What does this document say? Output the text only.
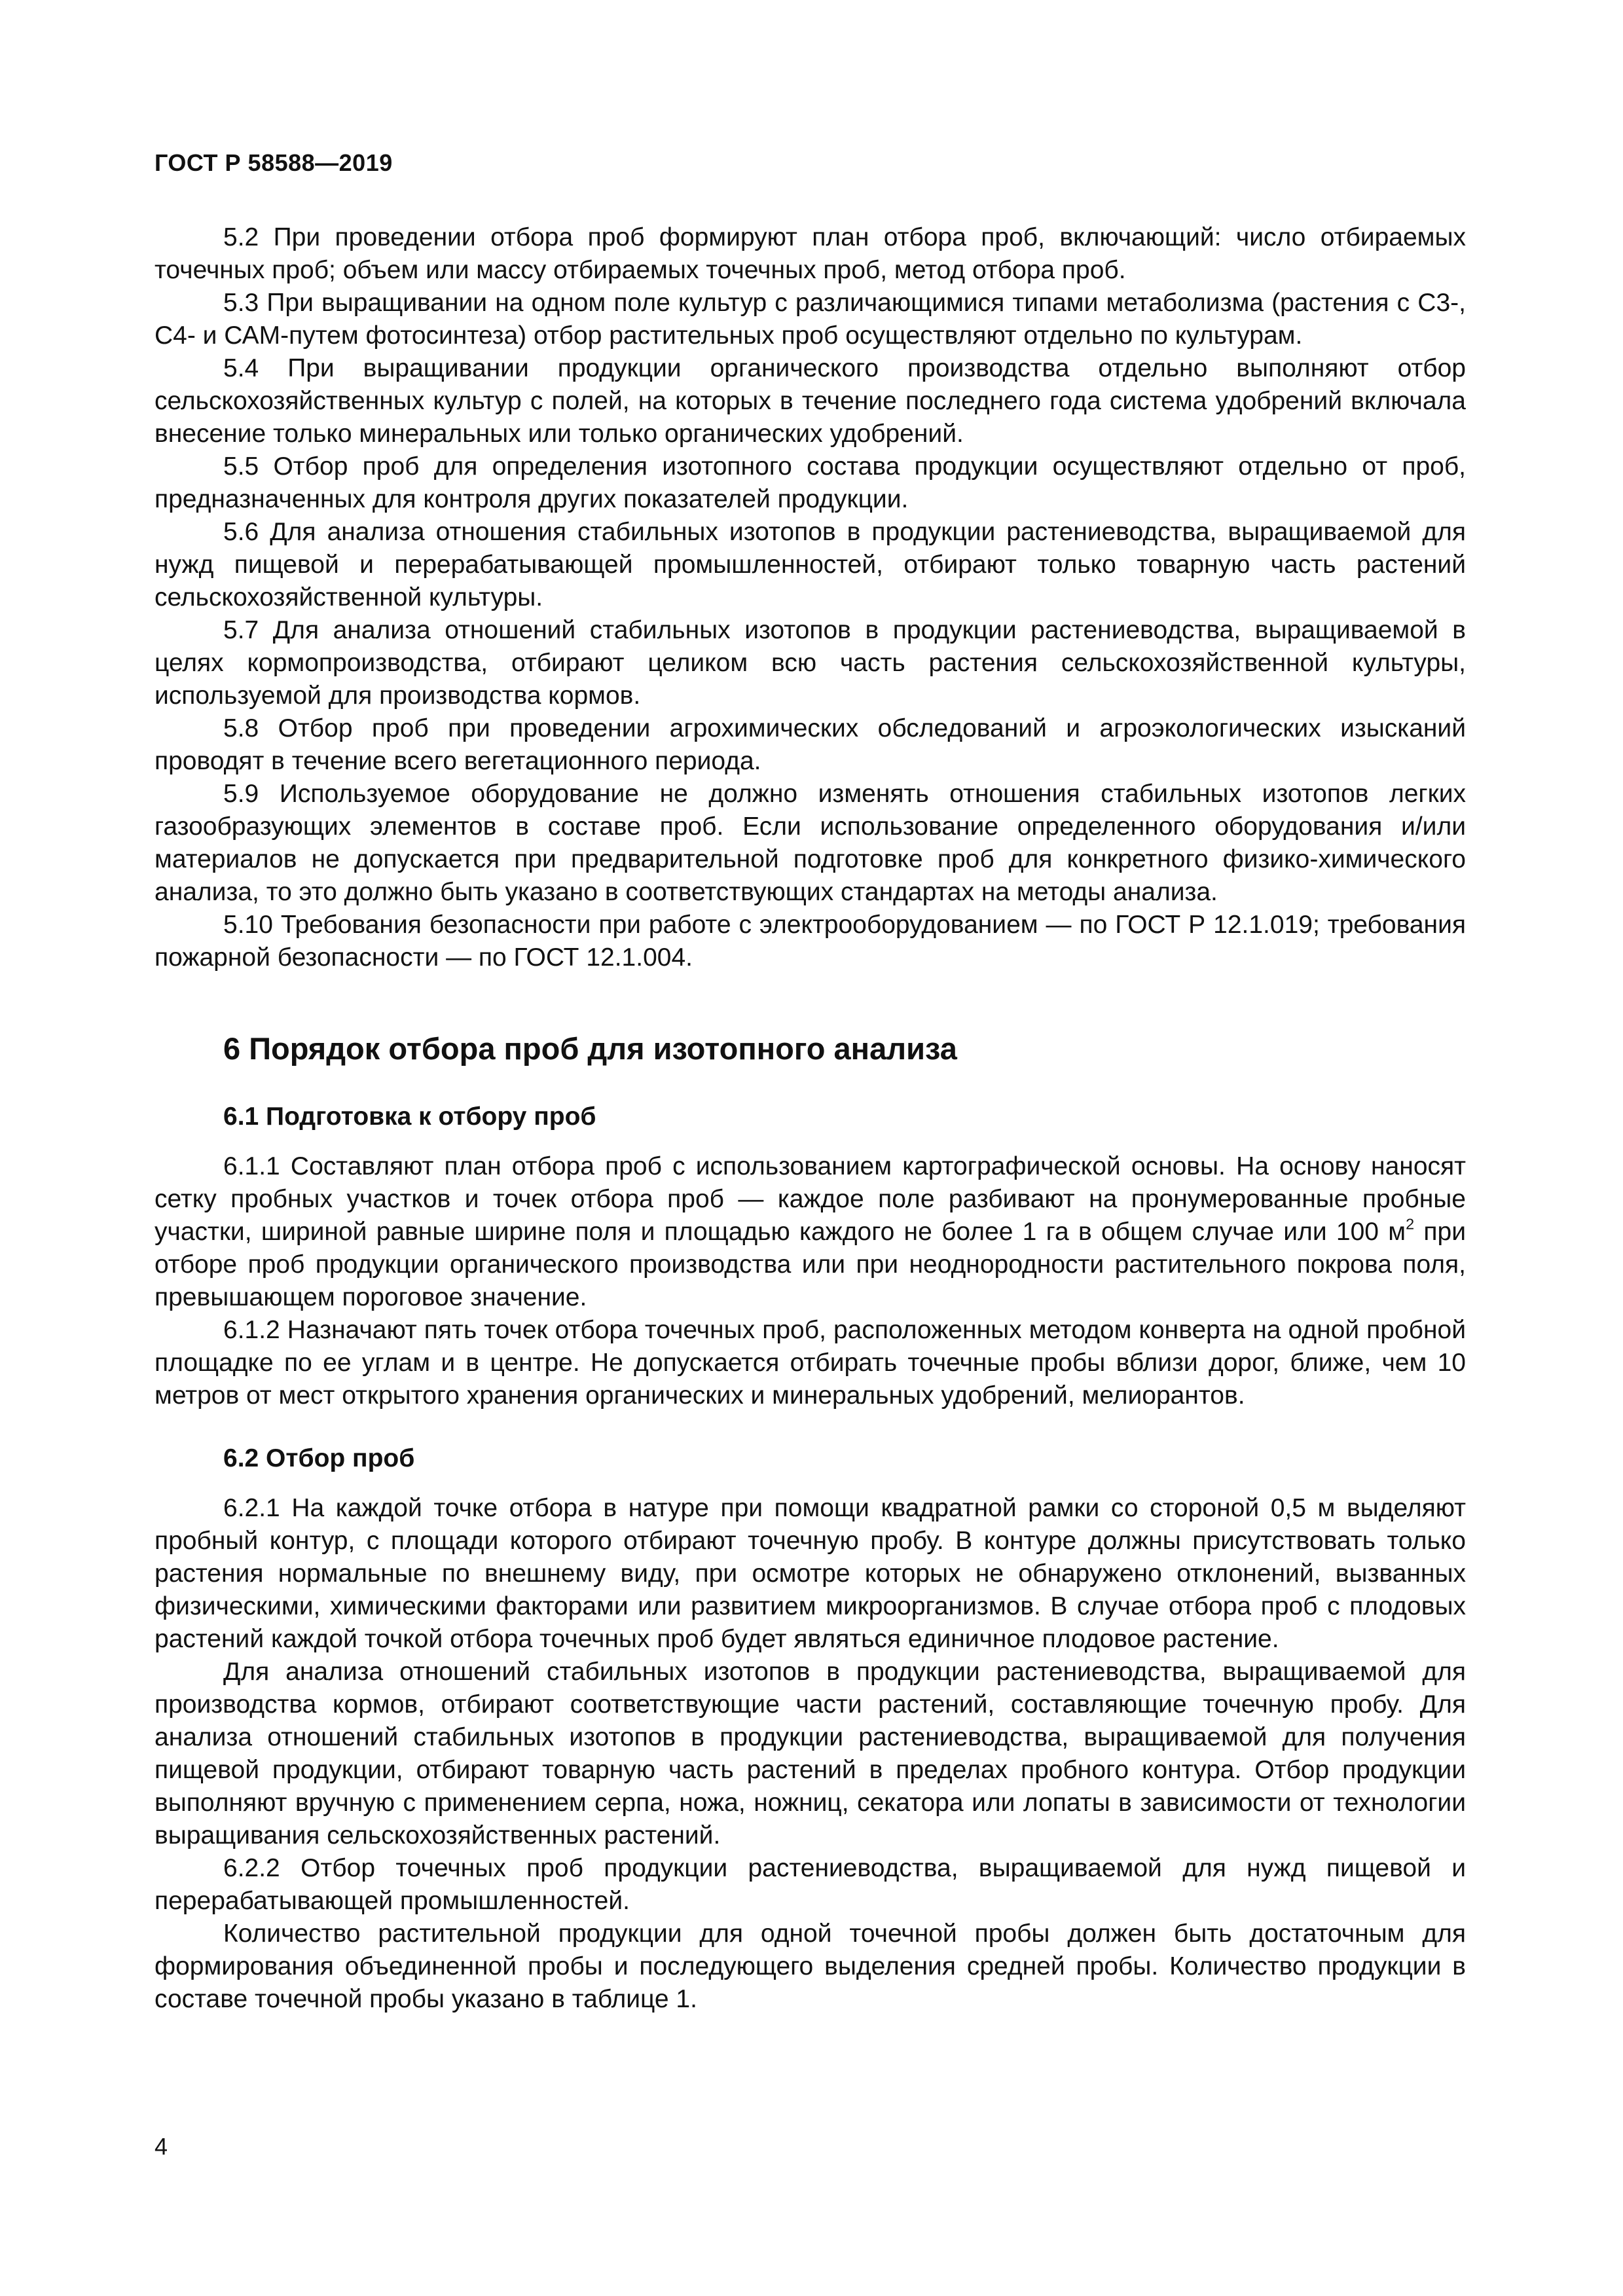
ГОСТ Р 58588—2019

5.2 При проведении отбора проб формируют план отбора проб, включающий: число отбираемых точечных проб; объем или массу отбираемых точечных проб, метод отбора проб.

5.3 При выращивании на одном поле культур с различающимися типами метаболизма (растения с С3-, С4- и САМ-путем фотосинтеза) отбор растительных проб осуществляют отдельно по культурам.

5.4 При выращивании продукции органического производства отдельно выполняют отбор сельскохозяйственных культур с полей, на которых в течение последнего года система удобрений включала внесение только минеральных или только органических удобрений.

5.5 Отбор проб для определения изотопного состава продукции осуществляют отдельно от проб, предназначенных для контроля других показателей продукции.

5.6 Для анализа отношения стабильных изотопов в продукции растениеводства, выращиваемой для нужд пищевой и перерабатывающей промышленностей, отбирают только товарную часть растений сельскохозяйственной культуры.

5.7 Для анализа отношений стабильных изотопов в продукции растениеводства, выращиваемой в целях кормопроизводства, отбирают целиком всю часть растения сельскохозяйственной культуры, используемой для производства кормов.

5.8 Отбор проб при проведении агрохимических обследований и агроэкологических изысканий проводят в течение всего вегетационного периода.

5.9 Используемое оборудование не должно изменять отношения стабильных изотопов легких газообразующих элементов в составе проб. Если использование определенного оборудования и/или материалов не допускается при предварительной подготовке проб для конкретного физико-химического анализа, то это должно быть указано в соответствующих стандартах на методы анализа.

5.10 Требования безопасности при работе с электрооборудованием — по ГОСТ Р 12.1.019; требования пожарной безопасности — по ГОСТ 12.1.004.

6 Порядок отбора проб для изотопного анализа
6.1 Подготовка к отбору проб

6.1.1 Составляют план отбора проб с использованием картографической основы. На основу наносят сетку пробных участков и точек отбора проб — каждое поле разбивают на пронумерованные пробные участки, шириной равные ширине поля и площадью каждого не более 1 га в общем случае или 100 $м^2$ при отборе проб продукции органического производства или при неоднородности растительного покрова поля, превышающем пороговое значение.

6.1.2 Назначают пять точек отбора точечных проб, расположенных методом конверта на одной пробной площадке по ее углам и в центре. Не допускается отбирать точечные пробы вблизи дорог, ближе, чем 10 метров от мест открытого хранения органических и минеральных удобрений, мелиорантов.

6.2 Отбор проб

6.2.1 На каждой точке отбора в натуре при помощи квадратной рамки со стороной 0,5 м выделяют пробный контур, с площади которого отбирают точечную пробу. В контуре должны присутствовать только растения нормальные по внешнему виду, при осмотре которых не обнаружено отклонений, вызванных физическими, химическими факторами или развитием микроорганизмов. В случае отбора проб с плодовых растений каждой точкой отбора точечных проб будет являться единичное плодовое растение.

Для анализа отношений стабильных изотопов в продукции растениеводства, выращиваемой для производства кормов, отбирают соответствующие части растений, составляющие точечную пробу. Для анализа отношений стабильных изотопов в продукции растениеводства, выращиваемой для получения пищевой продукции, отбирают товарную часть растений в пределах пробного контура. Отбор продукции выполняют вручную с применением серпа, ножа, ножниц, секатора или лопаты в зависимости от технологии выращивания сельскохозяйственных растений.

6.2.2 Отбор точечных проб продукции растениеводства, выращиваемой для нужд пищевой и перерабатывающей промышленностей.

Количество растительной продукции для одной точечной пробы должен быть достаточным для формирования объединенной пробы и последующего выделения средней пробы. Количество продукции в составе точечной пробы указано в таблице 1.

4
